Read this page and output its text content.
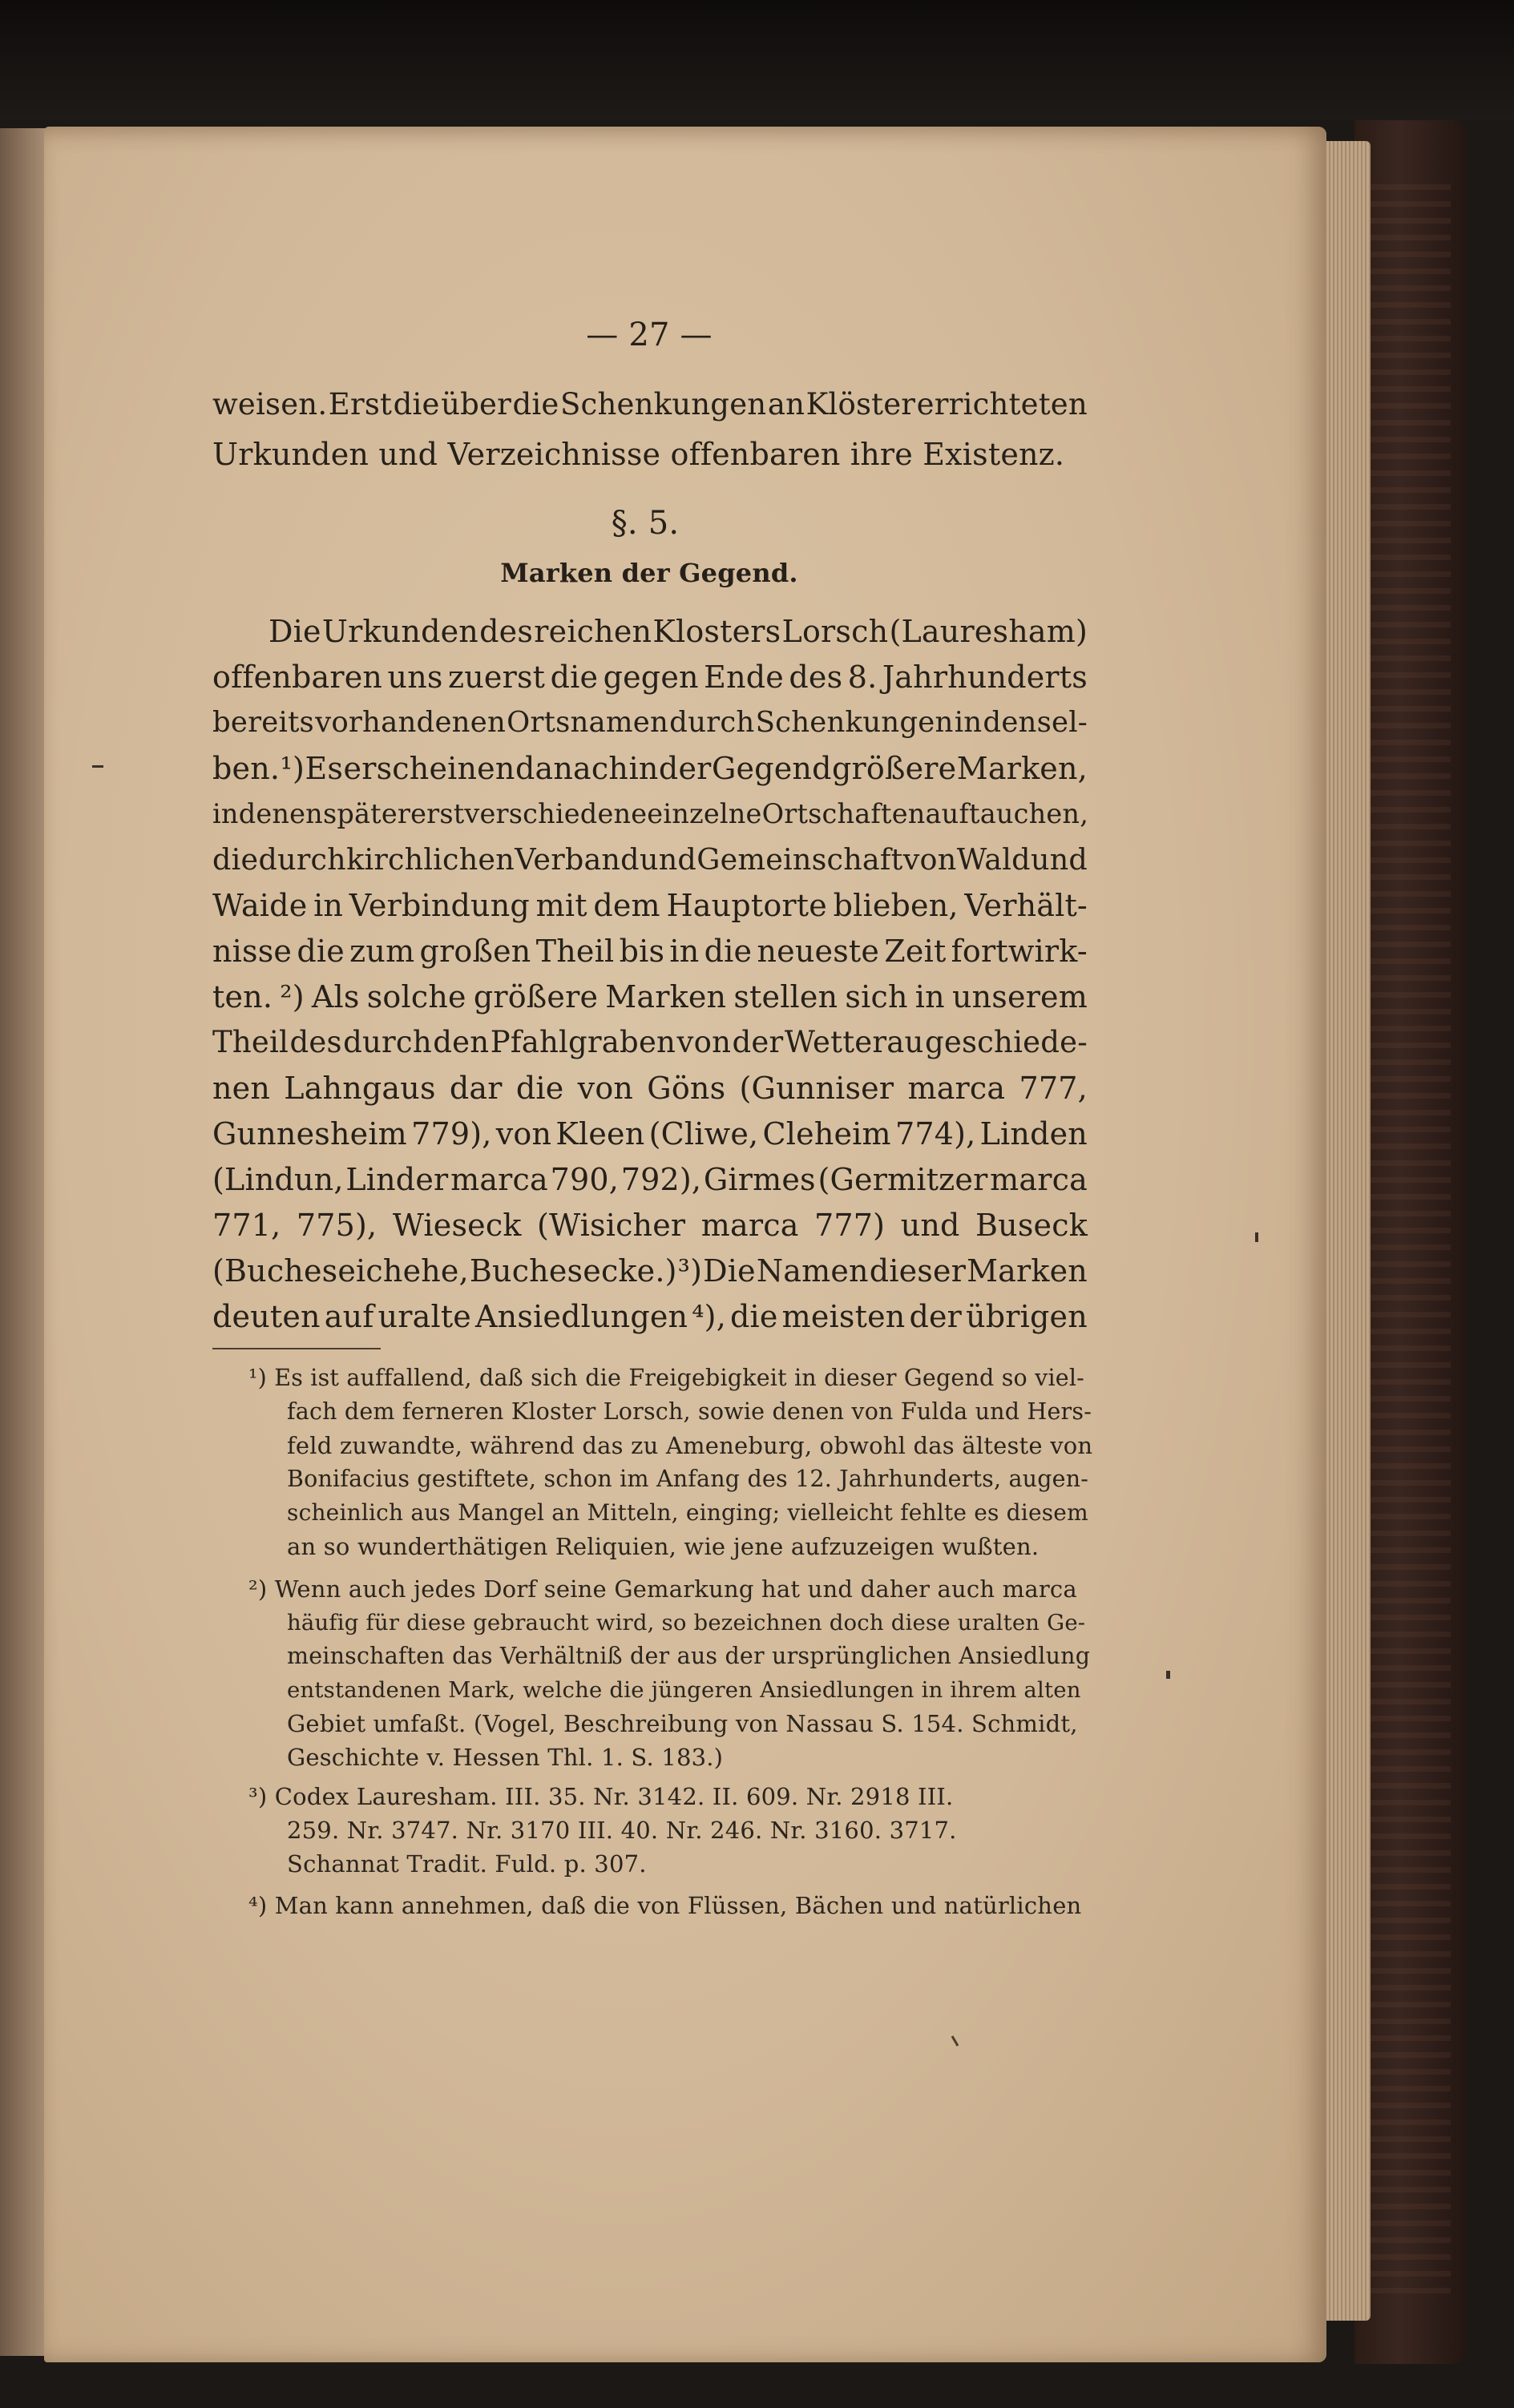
— 27 —

weisen. Erst die über die Schenkungen an Klöster errichteten

Urkunden und Verzeichnisse offenbaren ihre Existenz.

§. 5.

Marken der Gegend.

Die Urkunden des reichen Klosters Lorsch (Lauresham)

offenbaren uns zuerst die gegen Ende des 8. Jahrhunderts

bereits vorhandenen Ortsnamen durch Schenkungen in densel-

ben. ¹) Es erscheinen danach in der Gegend größere Marken,

in denen später erst verschiedene einzelne Ortschaften auftauchen,

die durch kirchlichen Verband und Gemeinschaft von Wald und

Waide in Verbindung mit dem Hauptorte blieben, Verhält-

nisse die zum großen Theil bis in die neueste Zeit fortwirk-

ten. ²) Als solche größere Marken stellen sich in unserem

Theil des durch den Pfahlgraben von der Wetterau geschiede-

nen Lahngaus dar die von Göns (Gunniser marca 777,

Gunnesheim 779), von Kleen (Cliwe, Cleheim 774), Linden

(Lindun, Linder marca 790, 792), Girmes (Germitzer marca

771, 775), Wieseck (Wisicher marca 777) und Buseck

(Bucheseichehe, Buchesecke.) ³) Die Namen dieser Marken

deuten auf uralte Ansiedlungen ⁴), die meisten der übrigen

¹) Es ist auffallend, daß sich die Freigebigkeit in dieser Gegend so viel-

fach dem ferneren Kloster Lorsch, sowie denen von Fulda und Hers-

feld zuwandte, während das zu Ameneburg, obwohl das älteste von

Bonifacius gestiftete, schon im Anfang des 12. Jahrhunderts, augen-

scheinlich aus Mangel an Mitteln, einging; vielleicht fehlte es diesem

an so wunderthätigen Reliquien, wie jene aufzuzeigen wußten.

²) Wenn auch jedes Dorf seine Gemarkung hat und daher auch marca

häufig für diese gebraucht wird, so bezeichnen doch diese uralten Ge-

meinschaften das Verhältniß der aus der ursprünglichen Ansiedlung

entstandenen Mark, welche die jüngeren Ansiedlungen in ihrem alten

Gebiet umfaßt. (Vogel, Beschreibung von Nassau S. 154. Schmidt,

Geschichte v. Hessen Thl. 1. S. 183.)

³) Codex Lauresham. III. 35. Nr. 3142. II. 609. Nr. 2918 III.

259. Nr. 3747. Nr. 3170 III. 40. Nr. 246. Nr. 3160. 3717.

Schannat Tradit. Fuld. p. 307.

⁴) Man kann annehmen, daß die von Flüssen, Bächen und natürlichen
